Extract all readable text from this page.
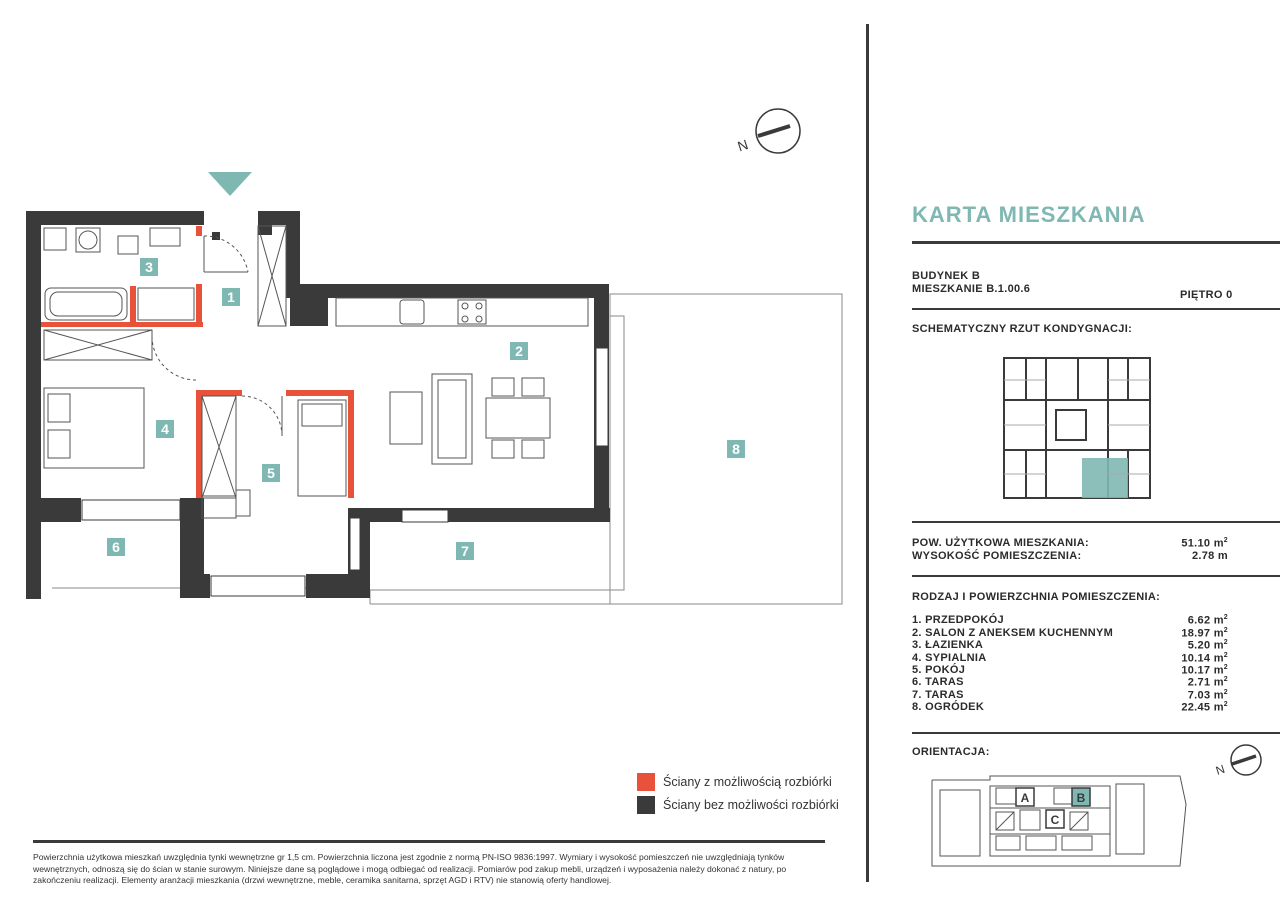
N
1
2
3
4
5
6	7
8
Ściany z możliwością rozbiórki
Ściany bez możliwości rozbiórki
Powierzchnia użytkowa mieszkań uwzględnia tynki wewnętrzne gr 1,5 cm. Powierzchnia liczona jest zgodnie z normą PN-ISO 9836:1997. Wymiary i wysokość pomieszczeń nie uwzględniają tynków wewnętrznych, odnoszą się do ścian w stanie surowym. Niniejsze dane są poglądowe i mogą odbiegać od realizacji. Pomiarów pod zakup mebli, urządzeń i wyposażenia należy dokonać z natury, po zakończeniu realizacji. Elementy aranżacji mieszkania (drzwi wewnętrzne, meble, ceramika sanitarna, sprzęt AGD i RTV) nie stanowią oferty handlowej.
KARTA MIESZKANIA
BUDYNEK B
MIESZKANIE B.1.00.6	PIĘTRO 0
SCHEMATYCZNY RZUT KONDYGNACJI:
POW. UŻYTKOWA MIESZKANIA:	51.10 $m^2$
WYSOKOŚĆ POMIESZCZENIA:	2.78 m
RODZAJ I POWIERZCHNIA POMIESZCZENIA:
1. PRZEDPOKÓJ	6.62 $m^2$
2. SALON Z ANEKSEM KUCHENNYM	18.97 $m^2$
3. ŁAZIENKA	5.20 $m^2$
4. SYPIALNIA	10.14 $m^2$
5. POKÓJ	10.17 $m^2$
6. TARAS	2.71 $m^2$
7. TARAS	7.03 $m^2$
8. OGRÓDEK	22.45 $m^2$
ORIENTACJA:
N
A	B
C
